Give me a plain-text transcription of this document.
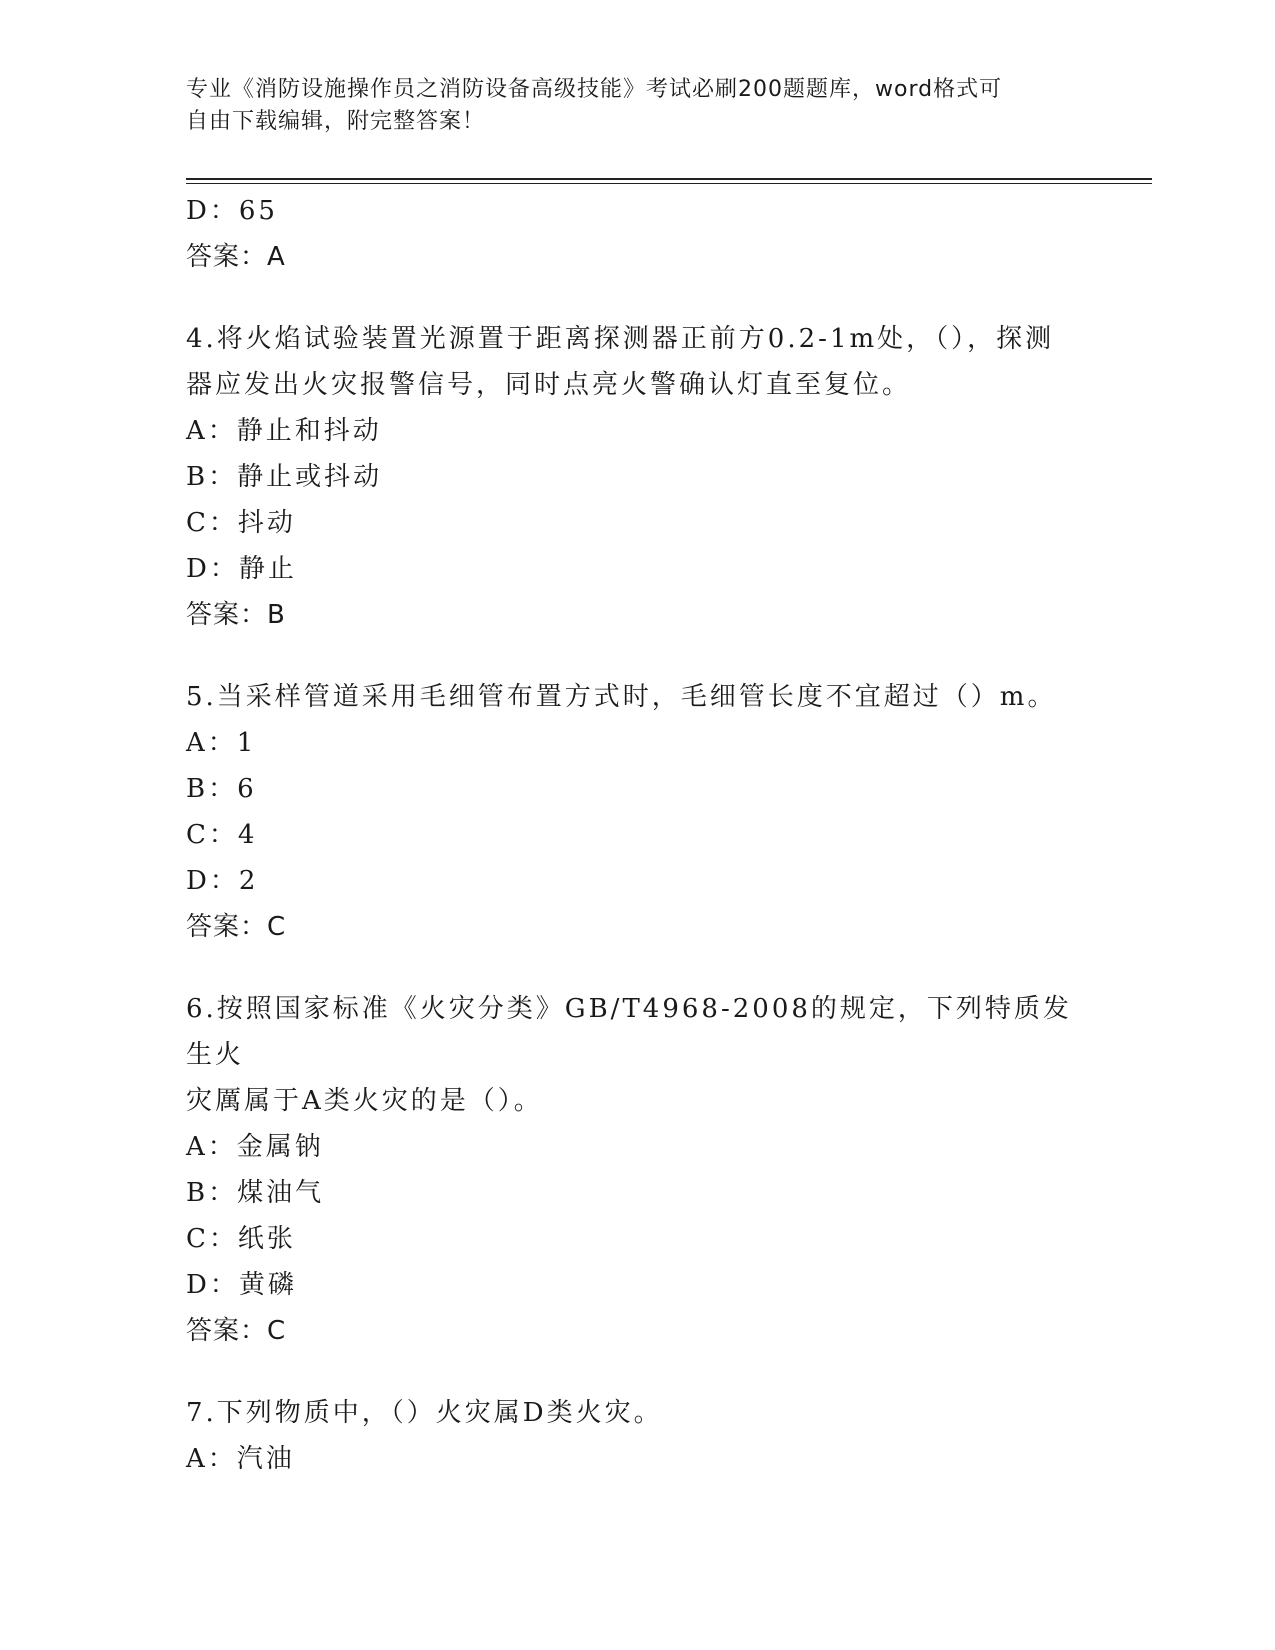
专业《消防设施操作员之消防设备高级技能》考试必刷200题题库，word格式可
自由下载编辑，附完整答案！
D：65
答案：A
4.将火焰试验装置光源置于距离探测器正前方0.2-1m处，（），探测
器应发出火灾报警信号，同时点亮火警确认灯直至复位。
A：静止和抖动
B：静止或抖动
C：抖动
D：静止
答案：B
5.当采样管道采用毛细管布置方式时，毛细管长度不宜超过（）m。
A：1
B：6
C：4
D：2
答案：C
6.按照国家标准《火灾分类》GB/T4968-2008的规定，下列特质发生火
灾厲属于A类火灾的是（）。
A：金属钠
B：煤油气
C：纸张
D：黄磷
答案：C
7.下列物质中，（）火灾属D类火灾。
A：汽油
